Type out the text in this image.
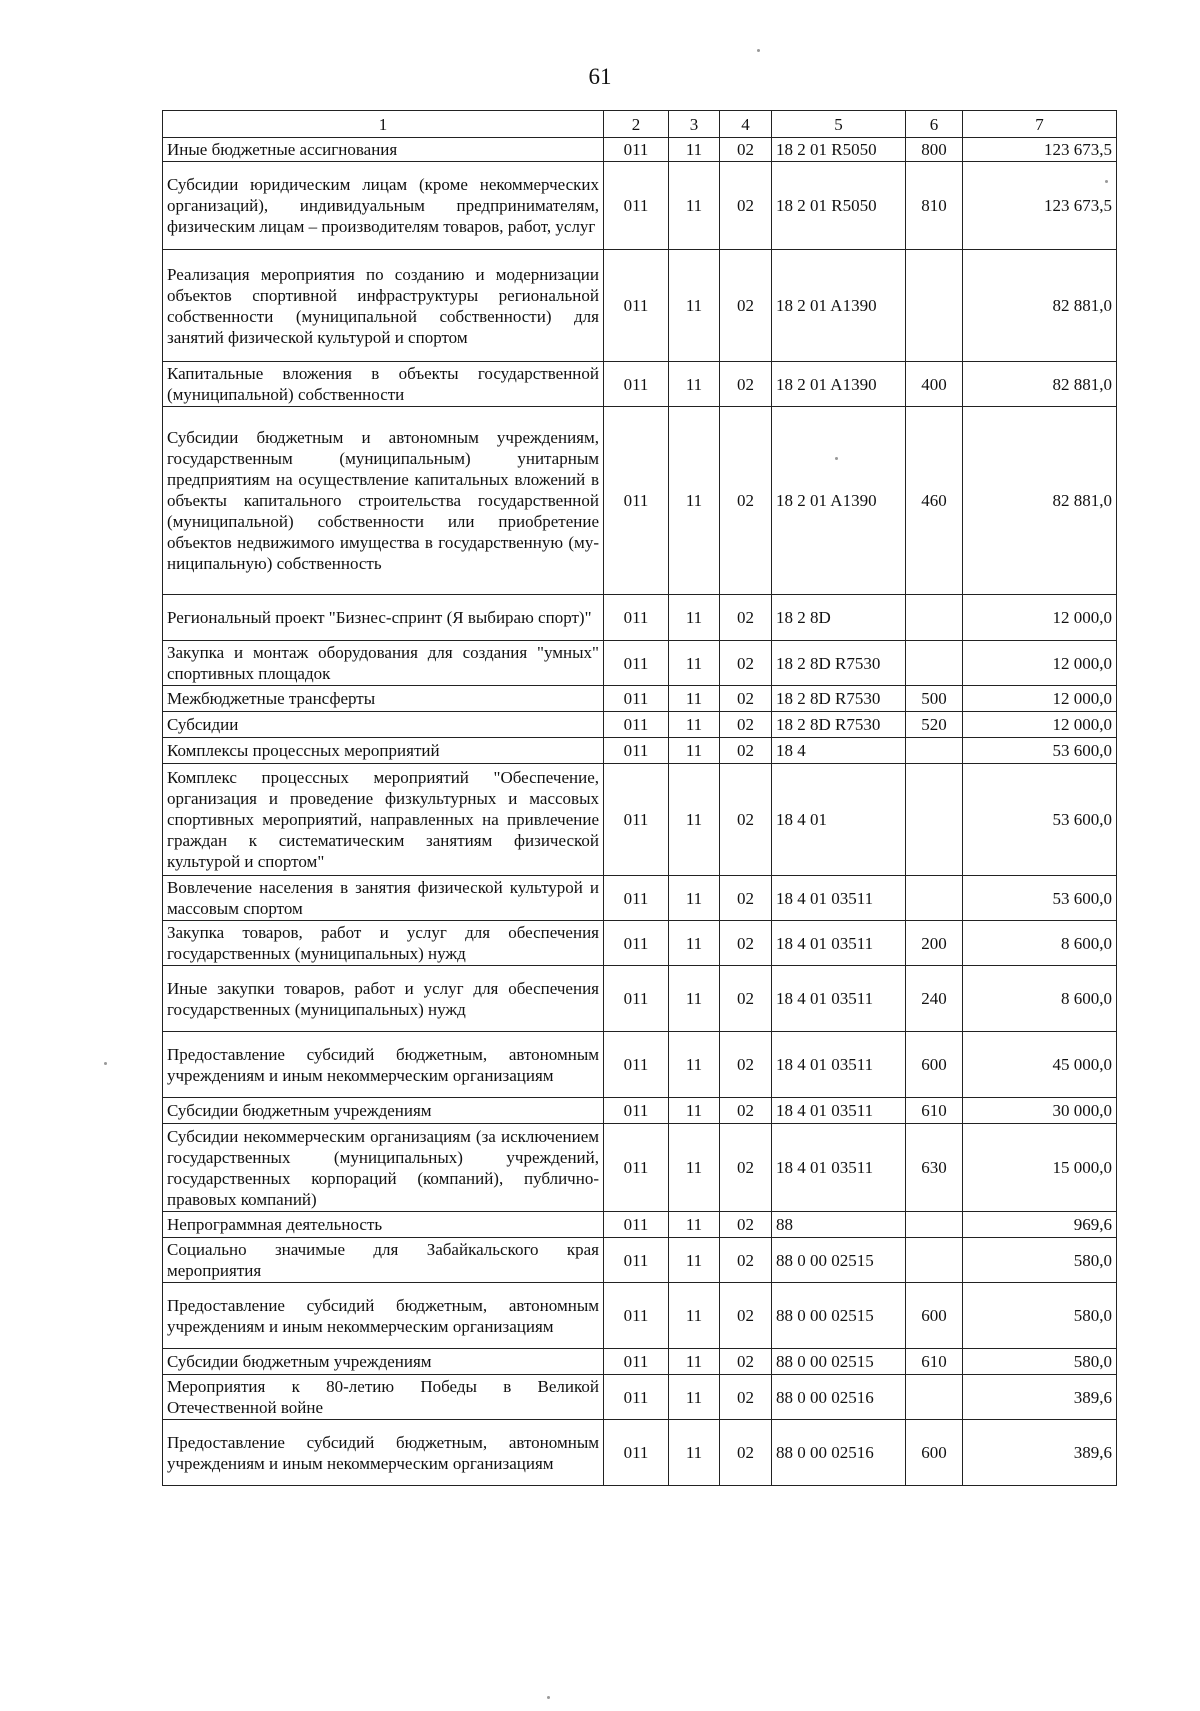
61
1	2	3	4	5	6	7
Иные бюджетные ассигнования	011	11	02	18 2 01 R5050	800	123 673,5
Субсидии юридическим лицам (кроме некоммерческих организаций), индивидуальным предпринимателям, физическим лицам – производителям товаров, работ, услуг	011	11	02	18 2 01 R5050	810	123 673,5
Реализация мероприятия по созданию и модернизации объектов спортивной инфраструктуры региональной собственности (муниципальной собственности) для занятий физической культурой и спортом	011	11	02	18 2 01 A1390		82 881,0
Капитальные вложения в объекты государственной (муниципальной) собственности	011	11	02	18 2 01 A1390	400	82 881,0
Субсидии бюджетным и автономным учреждениям, государственным (муниципальным) унитарным предприятиям на осуществление капитальных вложений в объекты капитального строительства государственной (муниципальной) собственности или приобретение объектов недвижимого имущества в государственную (муниципальную) собственность	011	11	02	18 2 01 A1390	460	82 881,0
Региональный проект "Бизнес-спринт (Я выбираю спорт)"	011	11	02	18 2 8D		12 000,0
Закупка и монтаж оборудования для создания "умных" спортивных площадок	011	11	02	18 2 8D R7530		12 000,0
Межбюджетные трансферты	011	11	02	18 2 8D R7530	500	12 000,0
Субсидии	011	11	02	18 2 8D R7530	520	12 000,0
Комплексы процессных мероприятий	011	11	02	18 4		53 600,0
Комплекс процессных мероприятий "Обеспечение, организация и проведение физкультурных и массовых спортивных мероприятий, направленных на привлечение граждан к систематическим занятиям физической культурой и спортом"	011	11	02	18 4 01		53 600,0
Вовлечение населения в занятия физической культурой и массовым спортом	011	11	02	18 4 01 03511		53 600,0
Закупка товаров, работ и услуг для обеспечения государственных (муниципальных) нужд	011	11	02	18 4 01 03511	200	8 600,0
Иные закупки товаров, работ и услуг для обеспечения государственных (муниципальных) нужд	011	11	02	18 4 01 03511	240	8 600,0
Предоставление субсидий бюджетным, автономным учреждениям и иным некоммерческим организациям	011	11	02	18 4 01 03511	600	45 000,0
Субсидии бюджетным учреждениям	011	11	02	18 4 01 03511	610	30 000,0
Субсидии некоммерческим организациям (за исключением государственных (муниципальных) учреждений, государственных корпораций (компаний), публично-правовых компаний)	011	11	02	18 4 01 03511	630	15 000,0
Непрограммная деятельность	011	11	02	88		969,6
Социально значимые для Забайкальского края мероприятия	011	11	02	88 0 00 02515		580,0
Предоставление субсидий бюджетным, автономным учреждениям и иным некоммерческим организациям	011	11	02	88 0 00 02515	600	580,0
Субсидии бюджетным учреждениям	011	11	02	88 0 00 02515	610	580,0
Мероприятия к 80-летию Победы в Великой Отечественной войне	011	11	02	88 0 00 02516		389,6
Предоставление субсидий бюджетным, автономным учреждениям и иным некоммерческим организациям	011	11	02	88 0 00 02516	600	389,6
